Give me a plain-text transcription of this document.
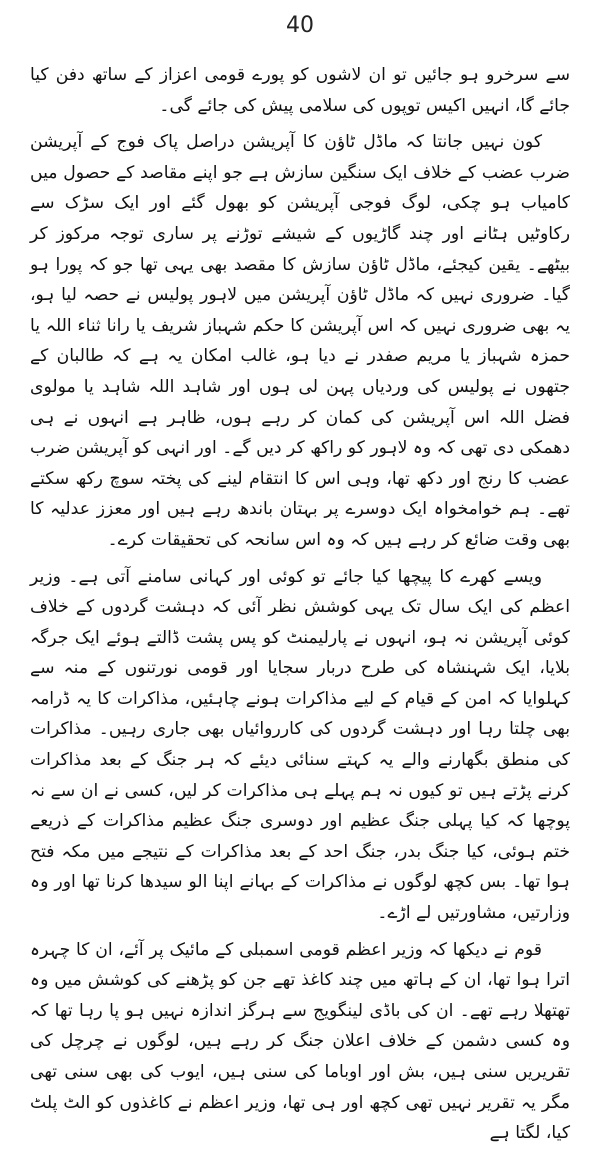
40

سے سرخرو ہو جائیں تو ان لاشوں کو پورے قومی اعزاز کے ساتھ دفن کیا جائے گا، انہیں اکیس توپوں کی سلامی پیش کی جائے گی۔

کون نہیں جانتا کہ ماڈل ٹاؤن کا آپریشن دراصل پاک فوج کے آپریشن ضرب عضب کے خلاف ایک سنگین سازش ہے جو اپنے مقاصد کے حصول میں کامیاب ہو چکی، لوگ فوجی آپریشن کو بھول گئے اور ایک سڑک سے رکاوٹیں ہٹانے اور چند گاڑیوں کے شیشے توڑنے پر ساری توجہ مرکوز کر بیٹھے۔ یقین کیجئے، ماڈل ٹاؤن سازش کا مقصد بھی یہی تھا جو کہ پورا ہو گیا۔ ضروری نہیں کہ ماڈل ٹاؤن آپریشن میں لاہور پولیس نے حصہ لیا ہو، یہ بھی ضروری نہیں کہ اس آپریشن کا حکم شہباز شریف یا رانا ثناء اللہ یا حمزہ شہباز یا مریم صفدر نے دیا ہو، غالب امکان یہ ہے کہ طالبان کے جتھوں نے پولیس کی وردیاں پہن لی ہوں اور شاہد اللہ شاہد یا مولوی فضل اللہ اس آپریشن کی کمان کر رہے ہوں، ظاہر ہے انہوں نے ہی دھمکی دی تھی کہ وہ لاہور کو راکھ کر دیں گے۔ اور انہی کو آپریشن ضرب عضب کا رنج اور دکھ تھا، وہی اس کا انتقام لینے کی پختہ سوچ رکھ سکتے تھے۔ ہم خوامخواہ ایک دوسرے پر بہتان باندھ رہے ہیں اور معزز عدلیہ کا بھی وقت ضائع کر رہے ہیں کہ وہ اس سانحہ کی تحقیقات کرے۔

ویسے کھرے کا پیچھا کیا جائے تو کوئی اور کہانی سامنے آتی ہے۔ وزیر اعظم کی ایک سال تک یہی کوشش نظر آئی کہ دہشت گردوں کے خلاف کوئی آپریشن نہ ہو، انہوں نے پارلیمنٹ کو پس پشت ڈالتے ہوئے ایک جرگہ بلایا، ایک شہنشاہ کی طرح دربار سجایا اور قومی نورتنوں کے منہ سے کہلوایا کہ امن کے قیام کے لیے مذاکرات ہونے چاہئیں، مذاکرات کا یہ ڈرامہ بھی چلتا رہا اور دہشت گردوں کی کارروائیاں بھی جاری رہیں۔ مذاکرات کی منطق بگھارنے والے یہ کہتے سنائی دیئے کہ ہر جنگ کے بعد مذاکرات کرنے پڑتے ہیں تو کیوں نہ ہم پہلے ہی مذاکرات کر لیں، کسی نے ان سے نہ پوچھا کہ کیا پہلی جنگ عظیم اور دوسری جنگ عظیم مذاکرات کے ذریعے ختم ہوئی، کیا جنگ بدر، جنگ احد کے بعد مذاکرات کے نتیجے میں مکہ فتح ہوا تھا۔ بس کچھ لوگوں نے مذاکرات کے بہانے اپنا الو سیدھا کرنا تھا اور وہ وزارتیں، مشاورتیں لے اڑے۔

قوم نے دیکھا کہ وزیر اعظم قومی اسمبلی کے مائیک پر آئے، ان کا چہرہ اترا ہوا تھا، ان کے ہاتھ میں چند کاغذ تھے جن کو پڑھنے کی کوشش میں وہ تھتھلا رہے تھے۔ ان کی باڈی لینگویج سے ہرگز اندازہ نہیں ہو پا رہا تھا کہ وہ کسی دشمن کے خلاف اعلان جنگ کر رہے ہیں، لوگوں نے چرچل کی تقریریں سنی ہیں، بش اور اوباما کی سنی ہیں، ایوب کی بھی سنی تھی مگر یہ تقریر نہیں تھی کچھ اور ہی تھا، وزیر اعظم نے کاغذوں کو الٹ پلٹ کیا، لگتا ہے
